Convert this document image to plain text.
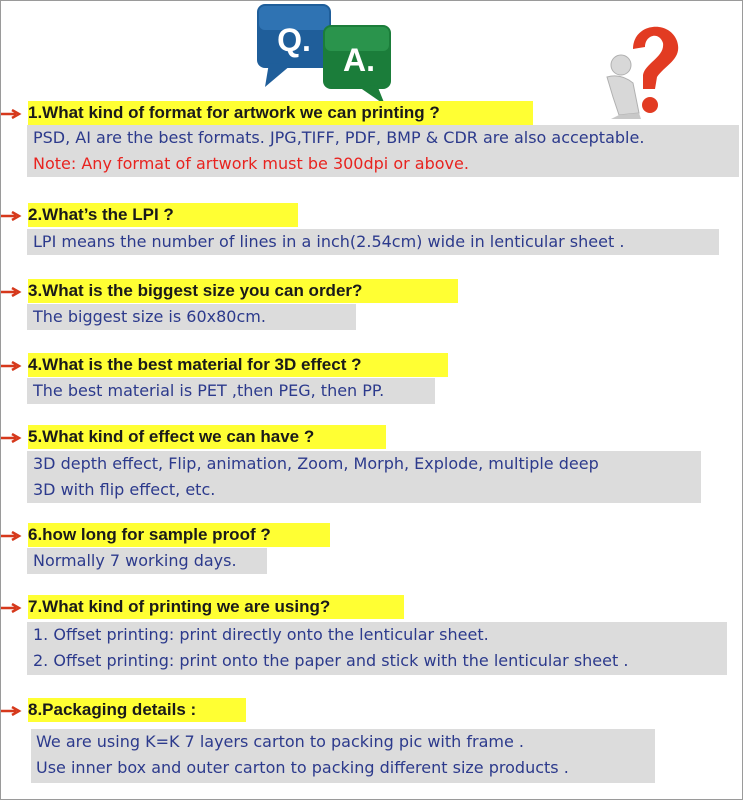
Q.
A.
1.What kind of format for artwork we can printing ?
PSD, AI are the best formats. JPG,TIFF, PDF, BMP & CDR are also acceptable.
Note: Any format of artwork must be 300dpi or above.
2.What’s the LPI ?
LPI means the number of lines in a inch(2.54cm) wide in lenticular sheet .
3.What is the biggest size you can order?
The biggest size is 60x80cm.
4.What is the best material for 3D effect ?
The best material is PET ,then PEG, then PP.
5.What kind of effect we can have ?
3D depth effect, Flip, animation, Zoom, Morph, Explode, multiple deep
3D with flip effect, etc.
6.how long for sample proof ?
Normally 7 working days.
7.What kind of printing we are using?
1. Offset printing: print directly onto the lenticular sheet.
2. Offset printing: print onto the paper and stick with the lenticular sheet .
8.Packaging details :
We are using K=K 7 layers carton to packing pic with frame .
Use inner box and outer carton to packing different size products .
